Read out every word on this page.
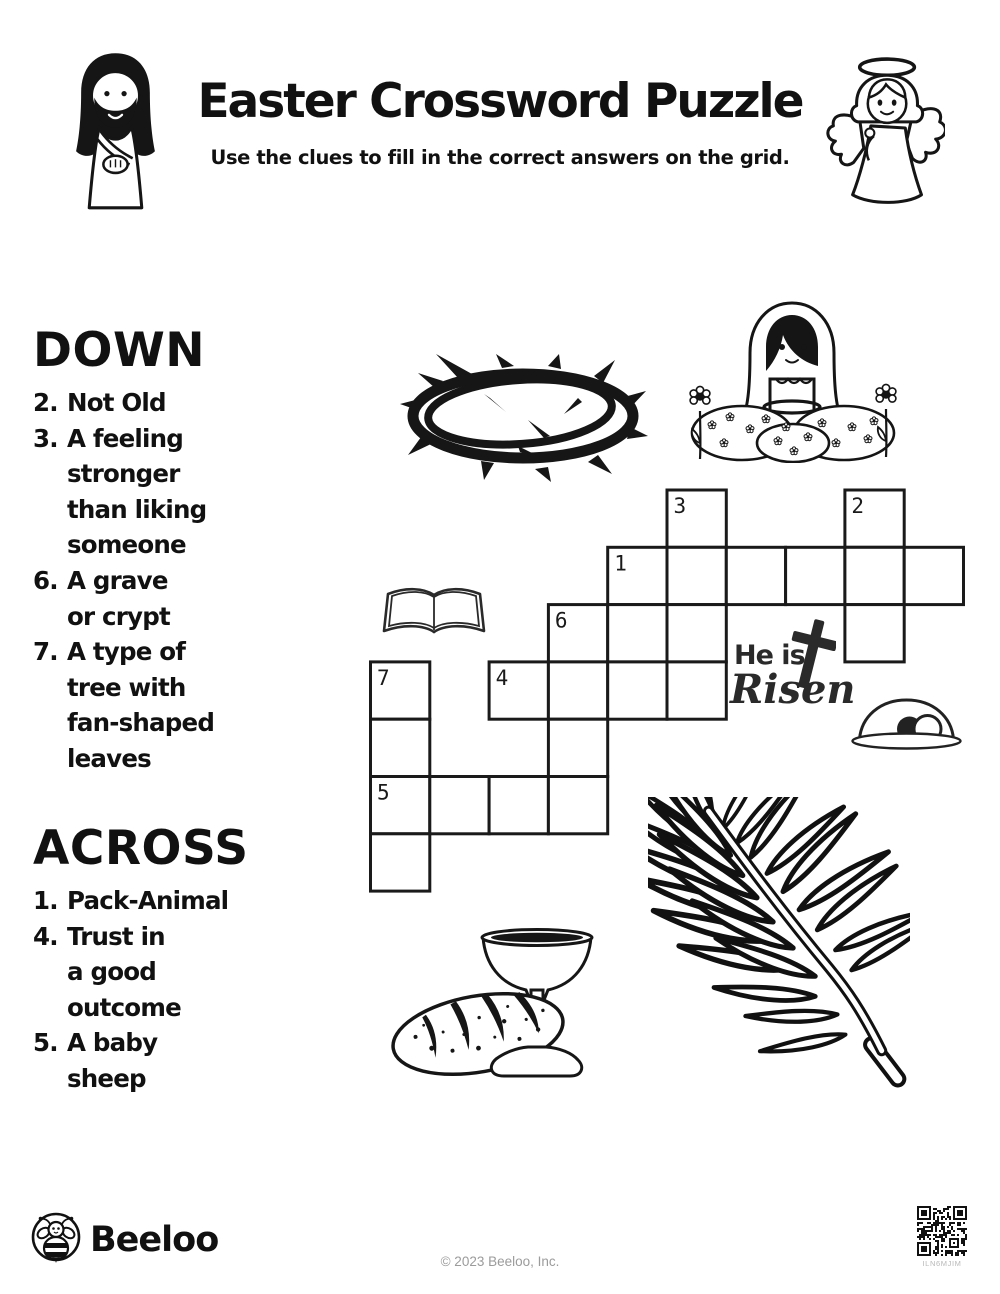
Easter Crossword Puzzle
Use the clues to fill in the correct answers on the grid.
DOWN
2. Not Old
3. A feeling
stronger
than liking
someone
6. A grave
or crypt
7. A type of
tree with
fan-shaped
leaves
ACROSS
1. Pack-Animal
4. Trust in
a good
outcome
5. A baby
sheep
3	2
1
6
7	4
5
He is
Risen
Beeloo
© 2023 Beeloo, Inc.	ILN6MJIM
